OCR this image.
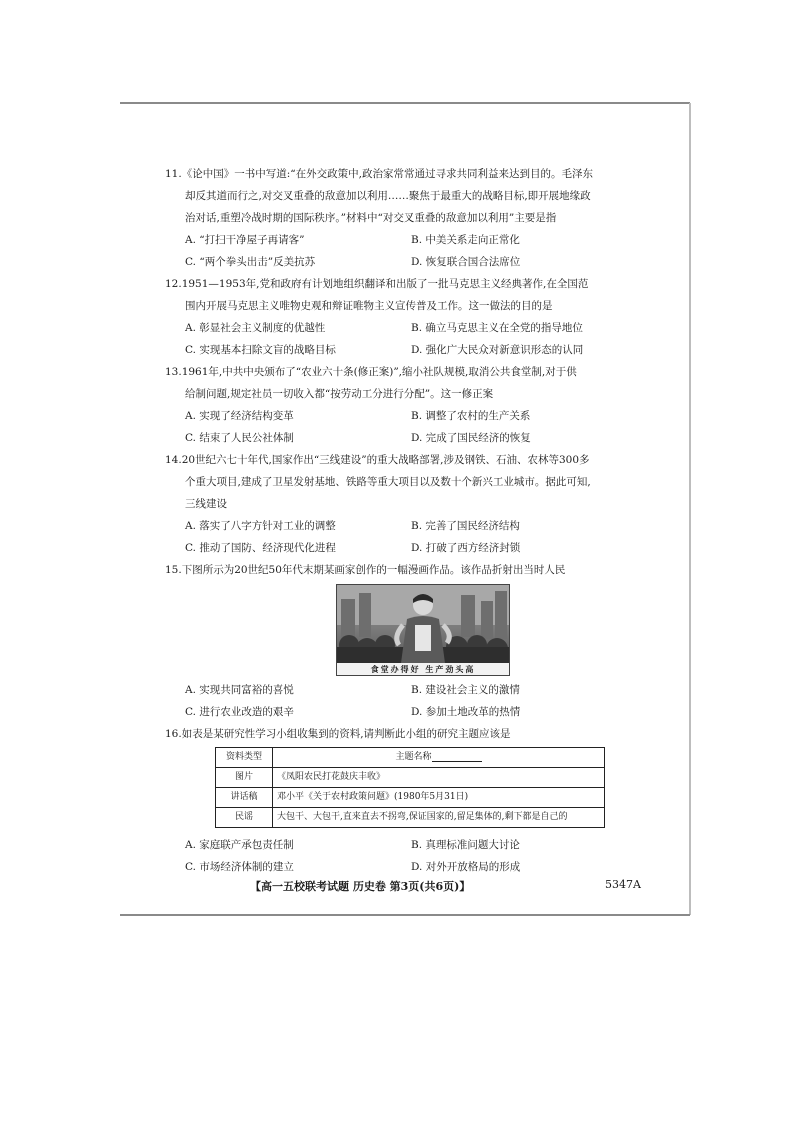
11.《论中国》一书中写道:“在外交政策中,政治家常常通过寻求共同利益来达到目的。毛泽东
却反其道而行之,对交叉重叠的敌意加以利用……聚焦于最重大的战略目标,即开展地缘政
治对话,重塑冷战时期的国际秩序。”材料中“对交叉重叠的敌意加以利用”主要是指
A. “打扫干净屋子再请客”	B. 中美关系走向正常化
C. “两个拳头出击”反美抗苏	D. 恢复联合国合法席位
12.1951—1953年,党和政府有计划地组织翻译和出版了一批马克思主义经典著作,在全国范
围内开展马克思主义唯物史观和辩证唯物主义宣传普及工作。这一做法的目的是
A. 彰显社会主义制度的优越性	B. 确立马克思主义在全党的指导地位
C. 实现基本扫除文盲的战略目标	D. 强化广大民众对新意识形态的认同
13.1961年,中共中央颁布了“农业六十条(修正案)”,缩小社队规模,取消公共食堂制,对于供
给制问题,规定社员一切收入都“按劳动工分进行分配”。这一修正案
A. 实现了经济结构变革	B. 调整了农村的生产关系
C. 结束了人民公社体制	D. 完成了国民经济的恢复
14.20世纪六七十年代,国家作出“三线建设”的重大战略部署,涉及钢铁、石油、农林等300多
个重大项目,建成了卫星发射基地、铁路等重大项目以及数十个新兴工业城市。据此可知,
三线建设
A. 落实了八字方针对工业的调整	B. 完善了国民经济结构
C. 推动了国防、经济现代化进程	D. 打破了西方经济封锁
15.下图所示为20世纪50年代末期某画家创作的一幅漫画作品。该作品折射出当时人民
食堂办得好 生产劲头高
A. 实现共同富裕的喜悦	B. 建设社会主义的激情
C. 进行农业改造的艰辛	D. 参加土地改革的热情
16.如表是某研究性学习小组收集到的资料,请判断此小组的研究主题应该是
资料类型	主题名称
图片	《凤阳农民打花鼓庆丰收》
讲话稿	邓小平《关于农村政策问题》(1980年5月31日)
民谣	大包干、大包干,直来直去不拐弯,保证国家的,留足集体的,剩下都是自己的
A. 家庭联产承包责任制	B. 真理标准问题大讨论
C. 市场经济体制的建立	D. 对外开放格局的形成
【高一五校联考试题 历史卷 第3页(共6页)】	5347A
